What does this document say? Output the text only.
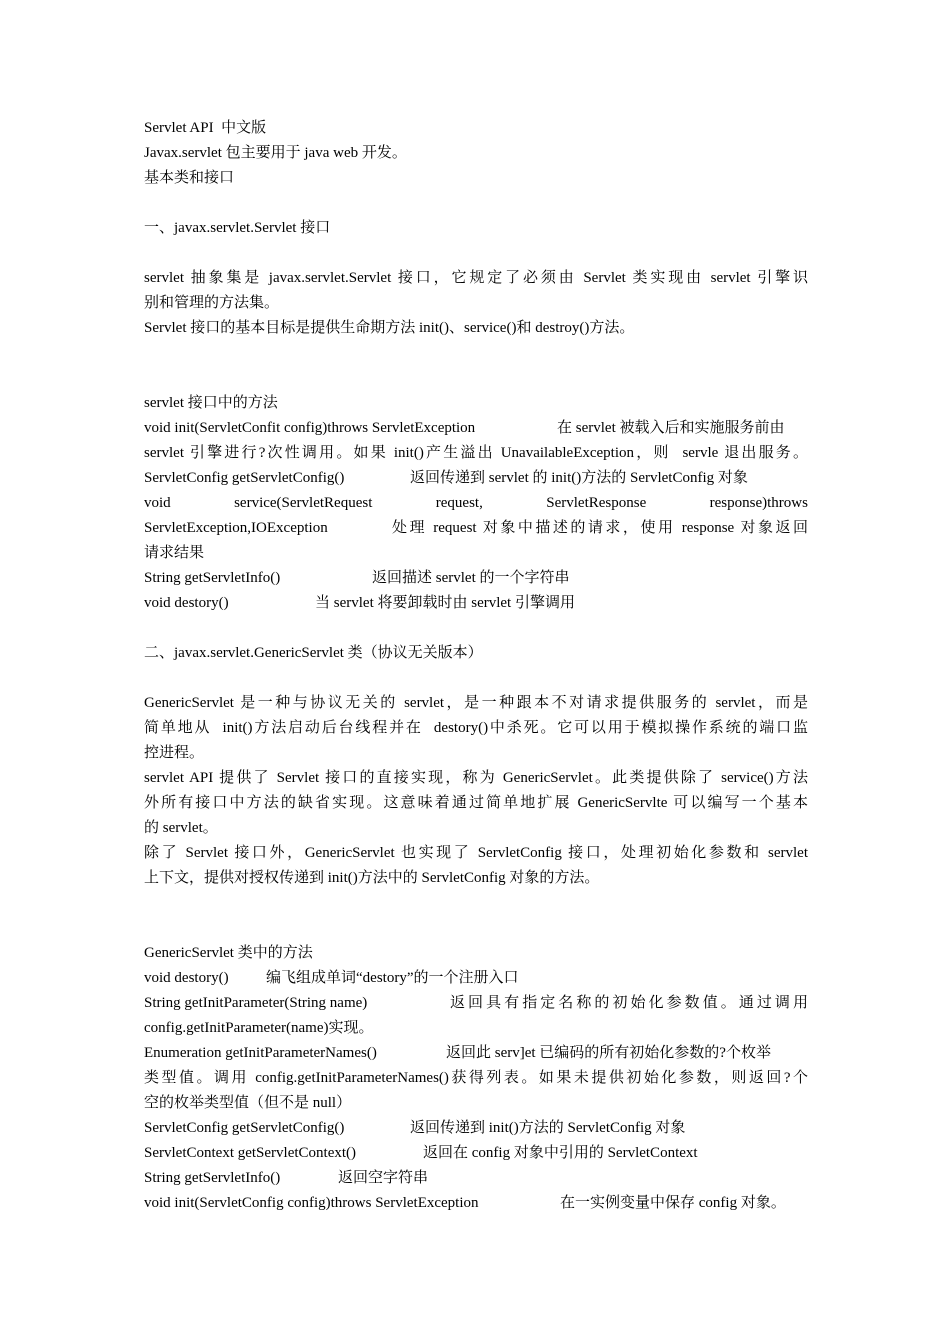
Servlet API  中文版
Javax.servlet 包主要用于 java web 开发。
基本类和接口
一、javax.servlet.Servlet 接口
servlet 抽象集是 javax.servlet.Servlet 接口，它规定了必须由 Servlet 类实现由 servlet 引擎识
别和管理的方法集。
Servlet 接口的基本目标是提供生命期方法 init()、service()和 destroy()方法。
servlet 接口中的方法
void init(ServletConfit config)throws ServletException	在 servlet 被载入后和实施服务前由
servlet 引擎进行?次性调用。如果 init()产生溢出 UnavailableException，则  servle 退出服务。
ServletConfig getServletConfig()	返回传递到 servlet 的 init()方法的 ServletConfig 对象
void	service(ServletRequest	request,	ServletResponse	response)throws
ServletException,IOException	处理 request 对象中描述的请求，使用 response 对象返回
请求结果
String getServletInfo()	返回描述 servlet 的一个字符串
void destory()	当 servlet 将要卸载时由 servlet 引擎调用
二、javax.servlet.GenericServlet 类（协议无关版本）
GenericServlet 是一种与协议无关的 servlet，是一种跟本不对请求提供服务的 servlet，而是
简单地从  init()方法启动后台线程并在  destory()中杀死。它可以用于模拟操作系统的端口监
控进程。
servlet API 提供了 Servlet 接口的直接实现，称为 GenericServlet。此类提供除了 service()方法
外所有接口中方法的缺省实现。这意味着通过简单地扩展 GenericServlte 可以编写一个基本
的 servlet。
除了 Servlet 接口外，GenericServlet 也实现了 ServletConfig 接口，处理初始化参数和 servlet
上下文，提供对授权传递到 init()方法中的 ServletConfig 对象的方法。
GenericServlet 类中的方法
void destory()	编飞组成单词“destory”的一个注册入口
String getInitParameter(String name)	返回具有指定名称的初始化参数值。通过调用
config.getInitParameter(name)实现。
Enumeration getInitParameterNames()	返回此 serv]et 已编码的所有初始化参数的?个枚举
类型值。调用 config.getInitParameterNames()获得列表。如果未提供初始化参数，则返回?个
空的枚举类型值（但不是 null）
ServletConfig getServletConfig()	返回传递到 init()方法的 ServletConfig 对象
ServletContext getServletContext()	返回在 config 对象中引用的 ServletContext
String getServletInfo()	返回空字符串
void init(ServletConfig config)throws ServletException	在一实例变量中保存 config 对象。
